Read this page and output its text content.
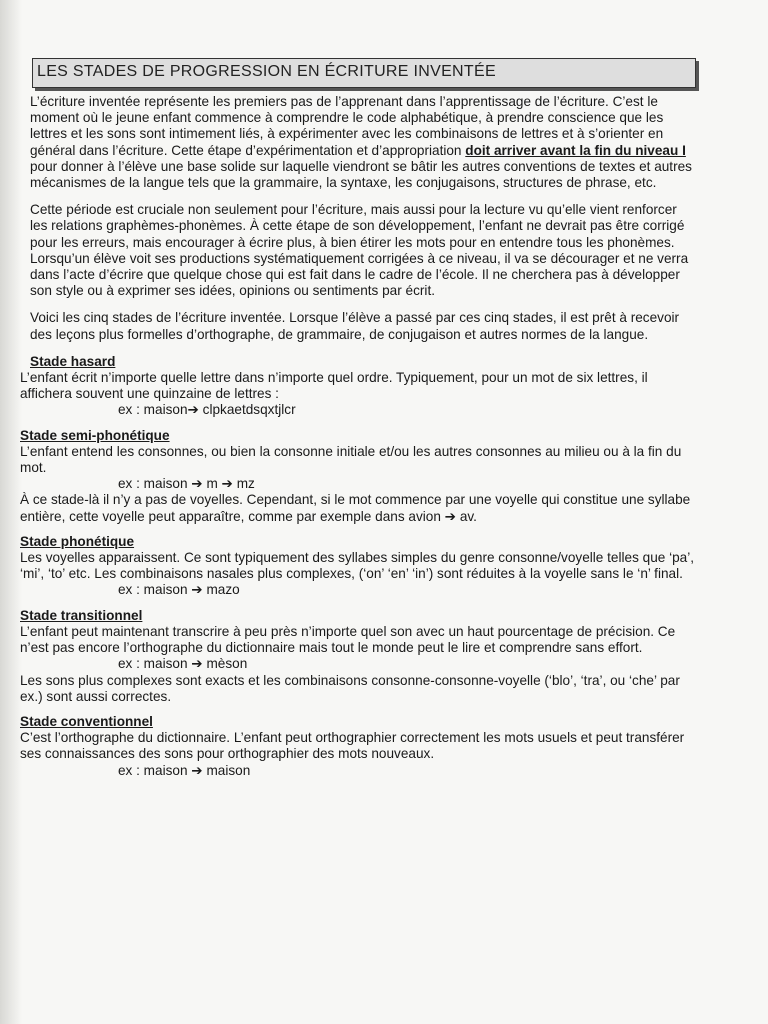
LES STADES DE PROGRESSION EN ÉCRITURE INVENTÉE

L’écriture inventée représente les premiers pas de l’apprenant dans l’apprentissage de l’écriture. C’est le moment où le jeune enfant commence à comprendre le code alphabétique, à prendre conscience que les lettres et les sons sont intimement liés, à expérimenter avec les combinaisons de lettres et à s’orienter en général dans l’écriture. Cette étape d’expérimentation et d’appropriation doit arriver avant la fin du niveau I pour donner à l’élève une base solide sur laquelle viendront se bâtir les autres conventions de textes et autres mécanismes de la langue tels que la grammaire, la syntaxe, les conjugaisons, structures de phrase, etc.

Cette période est cruciale non seulement pour l’écriture, mais aussi pour la lecture vu qu’elle vient renforcer les relations graphèmes-phonèmes. À cette étape de son développement, l’enfant ne devrait pas être corrigé pour les erreurs, mais encourager à écrire plus, à bien étirer les mots pour en entendre tous les phonèmes. Lorsqu’un élève voit ses productions systématiquement corrigées à ce niveau, il va se décourager et ne verra dans l’acte d’écrire que quelque chose qui est fait dans le cadre de l’école. Il ne cherchera pas à développer son style ou à exprimer ses idées, opinions ou sentiments par écrit.

Voici les cinq stades de l’écriture inventée. Lorsque l’élève a passé par ces cinq stades, il est prêt à recevoir des leçons plus formelles d’orthographe, de grammaire, de conjugaison et autres normes de la langue.

Stade hasard

L’enfant écrit n’importe quelle lettre dans n’importe quel ordre. Typiquement, pour un mot de six lettres, il affichera souvent une quinzaine de lettres :

ex : maison➔ clpkaetdsqxtjlcr

Stade semi-phonétique

L’enfant entend les consonnes, ou bien la consonne initiale et/ou les autres consonnes au milieu ou à la fin du mot.

ex : maison ➔ m ➔ mz

À ce stade-là il n’y a pas de voyelles. Cependant, si le mot commence par une voyelle qui constitue une syllabe entière, cette voyelle peut apparaître, comme par exemple dans avion ➔ av.

Stade phonétique

Les voyelles apparaissent. Ce sont typiquement des syllabes simples du genre consonne/voyelle telles que ‘pa’, ‘mi’, ‘to’ etc. Les combinaisons nasales plus complexes, (‘on’ ‘en’ ‘in’) sont réduites à la voyelle sans le ‘n’ final.

ex : maison ➔ mazo

Stade transitionnel

L’enfant peut maintenant transcrire à peu près n’importe quel son avec un haut pourcentage de précision. Ce n’est pas encore l’orthographe du dictionnaire mais tout le monde peut le lire et comprendre sans effort.

ex : maison ➔ mèson

Les sons plus complexes sont exacts et les combinaisons consonne-consonne-voyelle (‘blo’, ‘tra’, ou ‘che’ par ex.) sont aussi correctes.

Stade conventionnel

C’est l’orthographe du dictionnaire. L’enfant peut orthographier correctement les mots usuels et peut transférer ses connaissances des sons pour orthographier des mots nouveaux.

ex : maison ➔ maison
